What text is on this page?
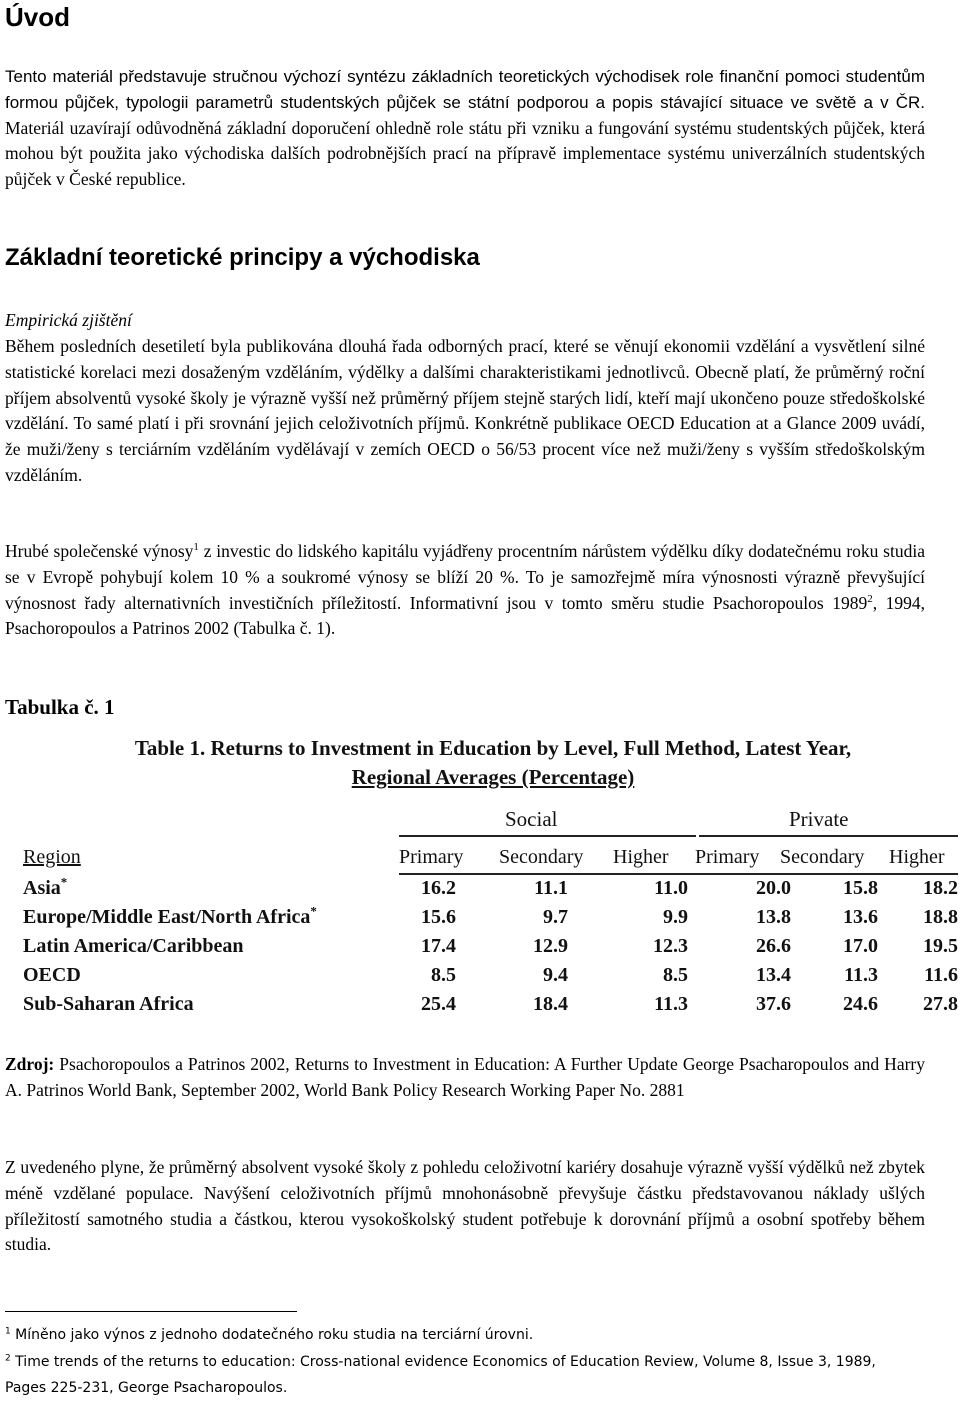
Úvod

Tento materiál představuje stručnou výchozí syntézu základních teoretických východisek role finanční pomoci studentům formou půjček, typologii parametrů studentských půjček se státní podporou a popis stávající situace ve světě a v ČR. Materiál uzavírají odůvodněná základní doporučení ohledně role státu při vzniku a fungování systému studentských půjček, která mohou být použita jako východiska dalších podrobnějších prací na přípravě implementace systému univerzálních studentských půjček v České republice.

Základní teoretické principy a východiska
Empirická zjištění

Během posledních desetiletí byla publikována dlouhá řada odborných prací, které se věnují ekonomii vzdělání a vysvětlení silné statistické korelaci mezi dosaženým vzděláním, výdělky a dalšími charakteristikami jednotlivců. Obecně platí, že průměrný roční příjem absolventů vysoké školy je výrazně vyšší než průměrný příjem stejně starých lidí, kteří mají ukončeno pouze středoškolské vzdělání. To samé platí i při srovnání jejich celoživotních příjmů. Konkrétně publikace OECD Education at a Glance 2009 uvádí, že muži/ženy s terciárním vzděláním vydělávají v zemích OECD o 56/53 procent více než muži/ženy s vyšším středoškolským vzděláním.

Hrubé společenské výnosy$^1$ z investic do lidského kapitálu vyjádřeny procentním nárůstem výdělku díky dodatečnému roku studia se v Evropě pohybují kolem 10 % a soukromé výnosy se blíží 20 %. To je samozřejmě míra výnosnosti výrazně převyšující výnosnost řady alternativních investičních příležitostí. Informativní jsou v tomto směru studie Psachoropoulos 1989$^2$, 1994, Psachoropoulos a Patrinos 2002 (Tabulka č. 1).

Tabulka č. 1
Table 1. Returns to Investment in Education by Level, Full Method, Latest Year,
Regional Averages (Percentage)
Social	Private
Region	Primary Secondary Higher Primary Secondary Higher
Asia*	16.2	11.1	11.0	20.0	15.8	18.2
Europe/Middle East/North Africa*	15.6	9.7	9.9	13.8	13.6	18.8
Latin America/Caribbean	17.4	12.9	12.3	26.6	17.0	19.5
OECD	8.5	9.4	8.5	13.4	11.3	11.6
Sub-Saharan Africa	25.4	18.4	11.3	37.6	24.6	27.8

Zdroj: Psachoropoulos a Patrinos 2002, Returns to Investment in Education: A Further Update George Psacharopoulos and Harry A. Patrinos World Bank, September 2002, World Bank Policy Research Working Paper No. 2881

Z uvedeného plyne, že průměrný absolvent vysoké školy z pohledu celoživotní kariéry dosahuje výrazně vyšší výdělků než zbytek méně vzdělané populace. Navýšení celoživotních příjmů mnohonásobně převyšuje částku představovanou náklady ušlých příležitostí samotného studia a částkou, kterou vysokoškolský student potřebuje k dorovnání příjmů a osobní spotřeby během studia.

$^1$ Míněno jako výnos z jednoho dodatečného roku studia na terciární úrovni.
$^2$ Time trends of the returns to education: Cross-national evidence Economics of Education Review, Volume 8, Issue 3, 1989, Pages 225-231, George Psacharopoulos.
